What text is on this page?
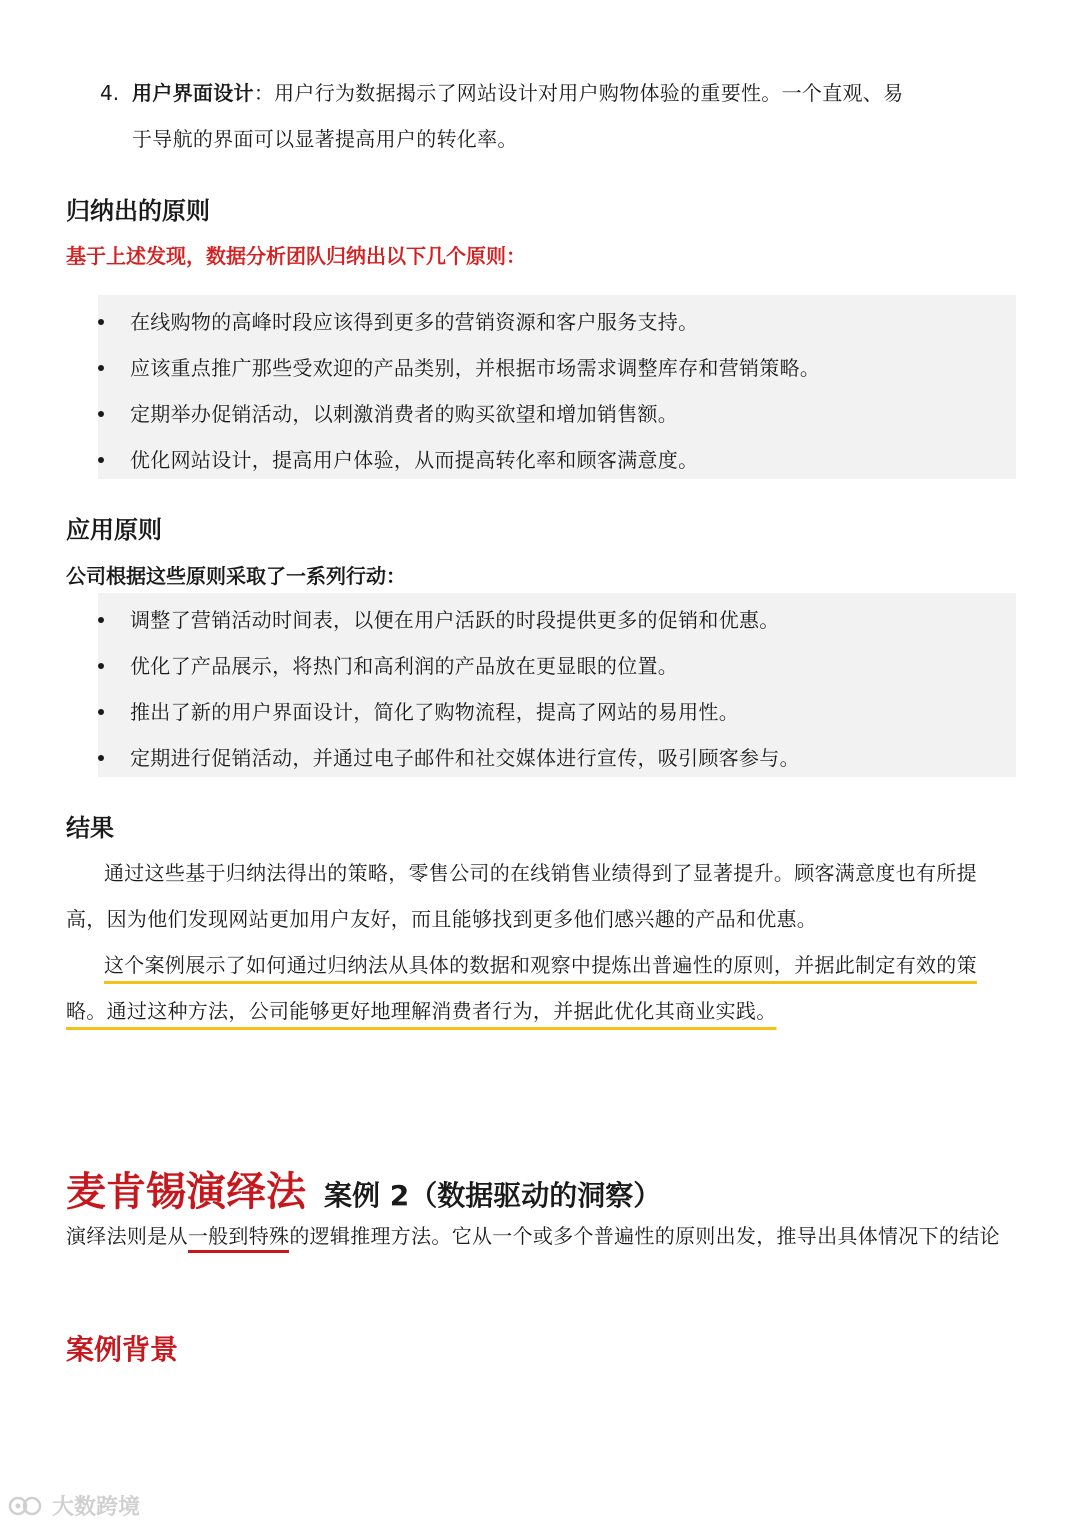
4. 用户界面设计：用户行为数据揭示了网站设计对用户购物体验的重要性。一个直观、易
于导航的界面可以显著提高用户的转化率。
归纳出的原则

基于上述发现，数据分析团队归纳出以下几个原则：

在线购物的高峰时段应该得到更多的营销资源和客户服务支持。
应该重点推广那些受欢迎的产品类别，并根据市场需求调整库存和营销策略。
定期举办促销活动，以刺激消费者的购买欲望和增加销售额。
优化网站设计，提高用户体验，从而提高转化率和顾客满意度。
应用原则

公司根据这些原则采取了一系列行动：

调整了营销活动时间表，以便在用户活跃的时段提供更多的促销和优惠。
优化了产品展示，将热门和高利润的产品放在更显眼的位置。
推出了新的用户界面设计，简化了购物流程，提高了网站的易用性。
定期进行促销活动，并通过电子邮件和社交媒体进行宣传，吸引顾客参与。
结果

通过这些基于归纳法得出的策略，零售公司的在线销售业绩得到了显著提升。顾客满意度也有所提高，因为他们发现网站更加用户友好，而且能够找到更多他们感兴趣的产品和优惠。

这个案例展示了如何通过归纳法从具体的数据和观察中提炼出普遍性的原则，并据此制定有效的策略。通过这种方法，公司能够更好地理解消费者行为，并据此优化其商业实践。

麦肯锡演绎法 案例 2（数据驱动的洞察）
演绎法则是从一般到特殊的逻辑推理方法。它从一个或多个普遍性的原则出发，推导出具体情况下的结论
案例背景
大数跨境
